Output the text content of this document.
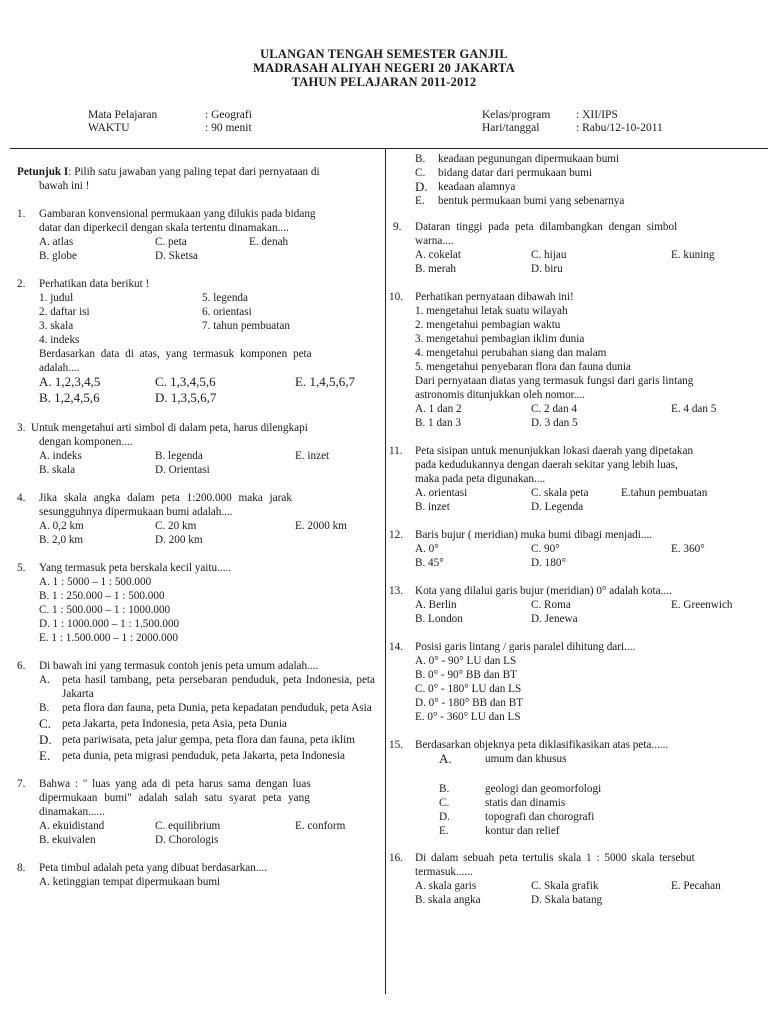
ULANGAN TENGAH SEMESTER GANJIL
MADRASAH ALIYAH NEGERI 20 JAKARTA
TAHUN PELAJARAN 2011-2012
Mata Pelajaran	: Geografi
WAKTU	: 90 menit
Kelas/program : XII/IPS
Hari/tanggal	: Rabu/12-10-2011
Petunjuk I: Pilih satu jawaban yang paling tepat dari pernyataan di
bawah ini !
1. Gambaran konvensional permukaan yang dilukis pada bidang
datar dan diperkecil dengan skala tertentu dinamakan....
A. atlas	C. peta	E. denah
B. globe	D. Sketsa
2. Perhatikan data berikut !
1. judul	5. legenda
2. daftar isi	6. orientasi
3. skala	7. tahun pembuatan
4. indeks
Berdasarkan data di atas, yang termasuk komponen peta
adalah....
A. 1,2,3,4,5	C. 1,3,4,5,6	E. 1,4,5,6,7
B. 1,2,4,5,6	D. 1,3,5,6,7
3. Untuk mengetahui arti simbol di dalam peta, harus dilengkapi
dengan komponen....
A. indeks	B. legenda	E. inzet
B. skala	D. Orientasi
4. Jika skala angka dalam peta 1:200.000 maka jarak
sesungguhnya dipermukaan bumi adalah....
A. 0,2 km	C. 20 km	E. 2000 km
B. 2,0 km	D. 200 km
5. Yang termasuk peta berskala kecil yaitu.....
A. 1 : 5000 – 1 : 500.000
B. 1 : 250.000 – 1 : 500.000
C. 1 : 500.000 – 1 : 1000.000
D. 1 : 1000.000 – 1 : 1.500.000
E. 1 : 1.500.000 – 1 : 2000.000
6. Di bawah ini yang termasuk contoh jenis peta umum adalah....
A. peta hasil tambang, peta persebaran penduduk, peta Indonesia, peta Jakarta
B. peta flora dan fauna, peta Dunia, peta kepadatan penduduk, peta Asia
C. peta Jakarta, peta Indonesia, peta Asia, peta Dunia
D. peta pariwisata, peta jalur gempa, peta flora dan fauna, peta iklim
E. peta dunia, peta migrasi penduduk, peta Jakarta, peta Indonesia
7. Bahwa : " luas yang ada di peta harus sama dengan luas
dipermukaan bumi" adalah salah satu syarat peta yang
dinamakan......
A. ekuidistand	C. equilibrium	E. conform
B. ekuivalen	D. Chorologis
8. Peta timbul adalah peta yang dibuat berdasarkan....
A. ketinggian tempat dipermukaan bumi
B. keadaan pegunungan dipermukaan bumi
C. bidang datar dari permukaan bumi
D. keadaan alamnya
E. bentuk permukaan bumi yang sebenarnya
9. Dataran tinggi pada peta dilambangkan dengan simbol
warna....
A. cokelat	C. hijau	E. kuning
B. merah	D. biru
10. Perhatikan pernyataan dibawah ini!
1. mengetahui letak suatu wilayah
2. mengetahui pembagian waktu
3. mengetahui pembagian iklim dunia
4. mengetahui perubahan siang dan malam
5. mengetahui penyebaran flora dan fauna dunia
Dari pernyataan diatas yang termasuk fungsi dari garis lintang
astronomis ditunjukkan oleh nomor....
A. 1 dan 2	C. 2 dan 4	E. 4 dan 5
B. 1 dan 3	D. 3 dan 5
11. Peta sisipan untuk menunjukkan lokasi daerah yang dipetakan
pada kedudukannya dengan daerah sekitar yang lebih luas,
maka pada peta digunakan....
A. orientasi	C. skala peta	E.tahun pembuatan
B. inzet	D. Legenda
12. Baris bujur ( meridian) muka bumi dibagi menjadi....
A. 0°	C. 90°	E. 360°
B. 45°	D. 180°
13. Kota yang dilalui garis bujur (meridian) 0° adalah kota....
A. Berlin	C. Roma	E. Greenwich
B. London	D. Jenewa
14. Posisi garis lintang / garis paralel dihitung dari....
A. 0° - 90° LU dan LS
B. 0° - 90° BB dan BT
C. 0° - 180° LU dan LS
D. 0° - 180° BB dan BT
E. 0° - 360° LU dan LS
15. Berdasarkan objeknya peta diklasifikasikan atas peta......
A.	umum dan khusus
B.	geologi dan geomorfologi
C.	statis dan dinamis
D.	topografi dan chorografi
E.	kontur dan relief
16. Di dalam sebuah peta tertulis skala 1 : 5000 skala tersebut
termasuk......
A. skala garis	C. Skala grafik	E. Pecahan
B. skala angka	D. Skala batang
